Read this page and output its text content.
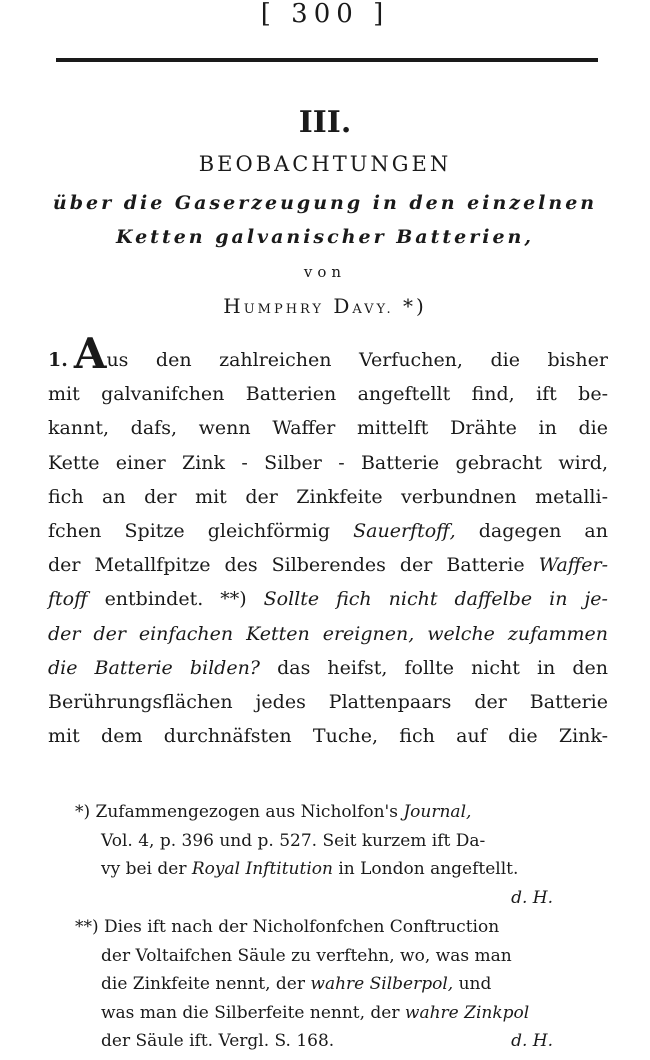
[ 300 ]
III.
BEOBACHTUNGEN
über die Gaserzeugung in den einzelnen
Ketten galvanischer Batterien,
von
HUMPHRY DAVY. *)
1. Aus den zahlreichen Verfuchen, die bisher
mit galvanifchen Batterien angeftellt find, ift be-
kannt, dafs, wenn Waffer mittelft Drähte in die
Kette einer Zink - Silber - Batterie gebracht wird,
fich an der mit der Zinkfeite verbundnen metalli-
fchen Spitze gleichförmig Sauerftoff, dagegen an
der Metallfpitze des Silberendes der Batterie Waffer-
ftoff entbindet. **) Sollte fich nicht daffelbe in je-
der der einfachen Ketten ereignen, welche zufammen
die Batterie bilden? das heifst, follte nicht in den
Berührungsflächen jedes Plattenpaars der Batterie
mit dem durchnäfsten Tuche, fich auf die Zink-
*) Zufammengezogen aus Nicholfon's Journal,
Vol. 4, p. 396 und p. 527. Seit kurzem ift Da-
vy bei der Royal Inftitution in London angeftellt.
d. H.
**) Dies ift nach der Nicholfonfchen Conftruction
der Voltaifchen Säule zu verftehn, wo, was man
die Zinkfeite nennt, der wahre Silberpol, und
was man die Silberfeite nennt, der wahre Zinkpol
der Säule ift. Vergl. S. 168.	d. H.
